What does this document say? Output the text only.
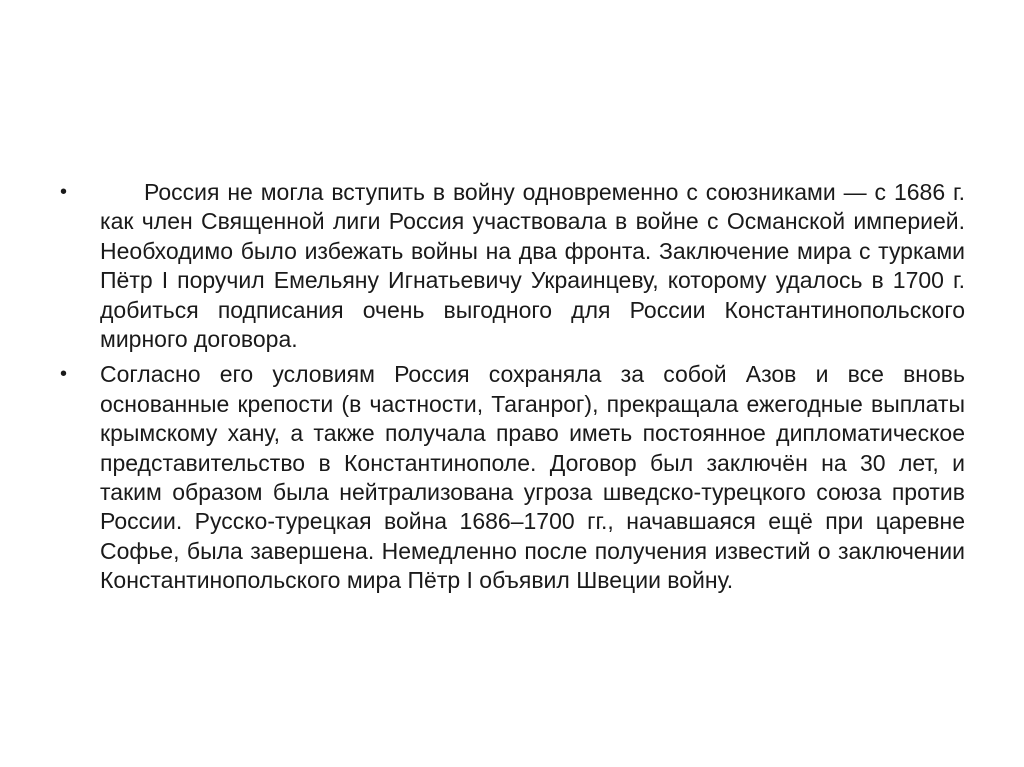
•	Россия не могла вступить в войну одновременно с союзниками — с 1686 г. как член Священной лиги Россия участвовала в войне с Османской империей. Необходимо было избежать войны на два фронта. Заключение мира с турками Пётр I поручил Емельяну Игнатьевичу Украинцеву, которому удалось в 1700 г. добиться подписания очень выгодного для России Константинопольского мирного договора.
•	Согласно его условиям Россия сохраняла за собой Азов и все вновь основанные крепости (в частности, Таганрог), прекращала ежегодные выплаты крымскому хану, а также получала право иметь постоянное дипломатическое представительство в Константинополе. Договор был заключён на 30 лет, и таким образом была нейтрализована угроза шведско-турецкого союза против России. Русско-турецкая война 1686–1700 гг., начавшаяся ещё при царевне Софье, была завершена. Немедленно после получения известий о заключении Константинопольского мира Пётр I объявил Швеции войну.
